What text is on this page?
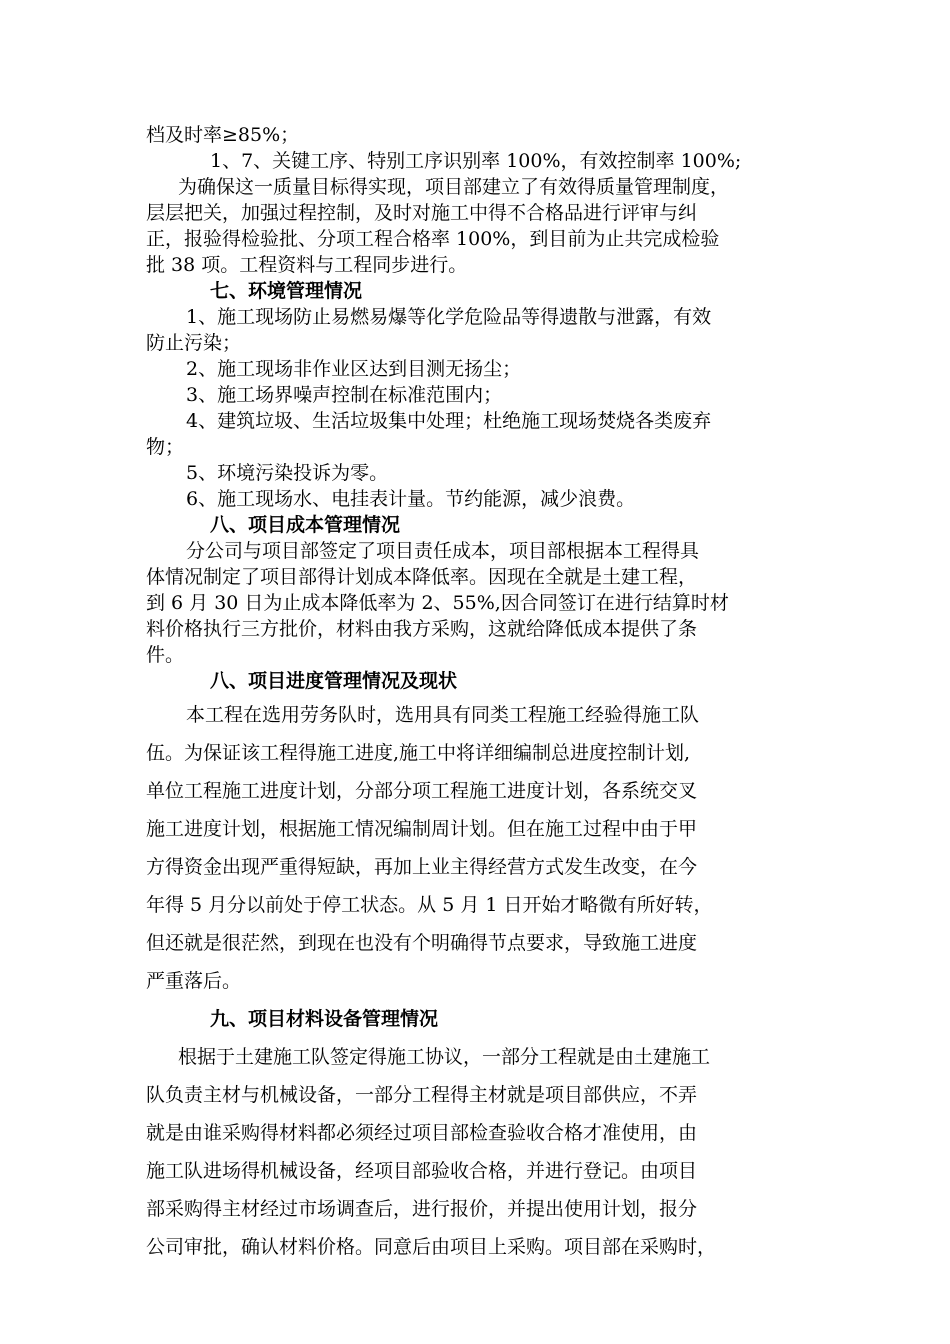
档及时率≥85%；
1、7、关键工序、特别工序识别率 100%，有效控制率 100%;
为确保这一质量目标得实现，项目部建立了有效得质量管理制度，
层层把关，加强过程控制，及时对施工中得不合格品进行评审与纠
正，报验得检验批、分项工程合格率 100%，到目前为止共完成检验
批 38 项。工程资料与工程同步进行。
七、环境管理情况
1、施工现场防止易燃易爆等化学危险品等得遗散与泄露，有效
防止污染；
2、施工现场非作业区达到目测无扬尘；
3、施工场界噪声控制在标准范围内；
4、建筑垃圾、生活垃圾集中处理；杜绝施工现场焚烧各类废弃
物；
5、环境污染投诉为零。
6、施工现场水、电挂表计量。节约能源，减少浪费。
八、项目成本管理情况
分公司与项目部签定了项目责任成本，项目部根据本工程得具
体情况制定了项目部得计划成本降低率。因现在全就是土建工程，
到 6 月 30 日为止成本降低率为 2、55%,因合同签订在进行结算时材
料价格执行三方批价，材料由我方采购，这就给降低成本提供了条
件。
八、项目进度管理情况及现状
本工程在选用劳务队时，选用具有同类工程施工经验得施工队
伍。为保证该工程得施工进度,施工中将详细编制总进度控制计划,
单位工程施工进度计划，分部分项工程施工进度计划，各系统交叉
施工进度计划，根据施工情况编制周计划。但在施工过程中由于甲
方得资金出现严重得短缺，再加上业主得经营方式发生改变，在今
年得 5 月分以前处于停工状态。从 5 月 1 日开始才略微有所好转，
但还就是很茫然，到现在也没有个明确得节点要求，导致施工进度
严重落后。
九、项目材料设备管理情况
根据于土建施工队签定得施工协议，一部分工程就是由土建施工
队负责主材与机械设备，一部分工程得主材就是项目部供应，不弄
就是由谁采购得材料都必须经过项目部检查验收合格才准使用，由
施工队进场得机械设备，经项目部验收合格，并进行登记。由项目
部采购得主材经过市场调查后，进行报价，并提出使用计划，报分
公司审批，确认材料价格。同意后由项目上采购。项目部在采购时，
